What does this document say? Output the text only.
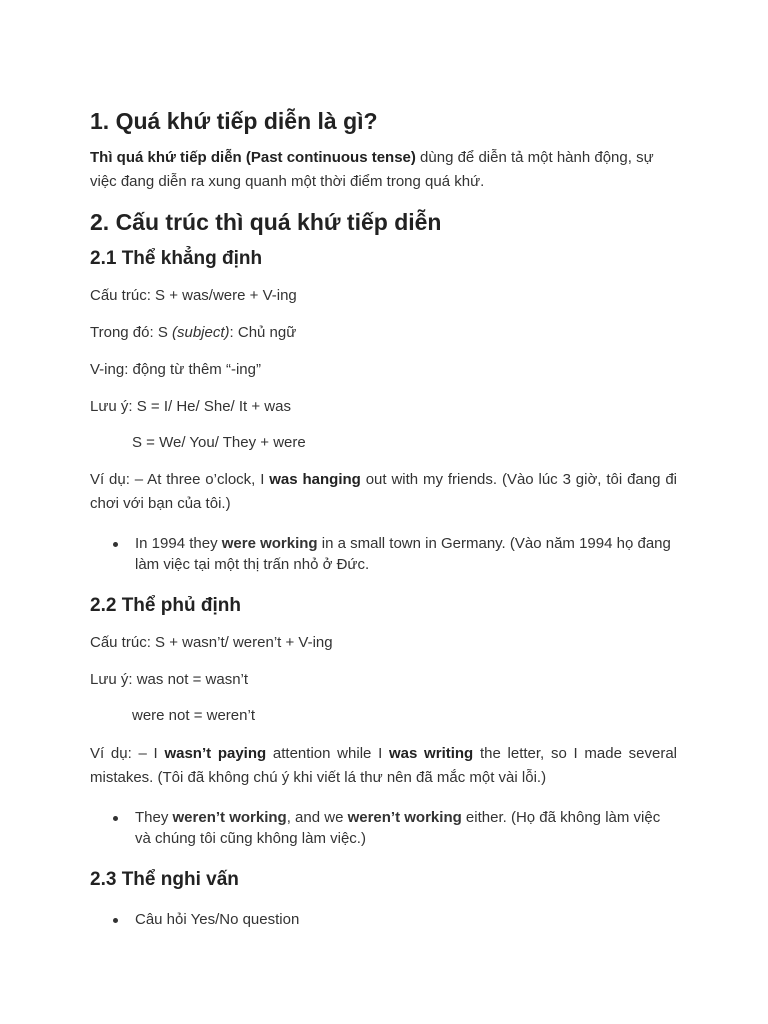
1. Quá khứ tiếp diễn là gì?

Thì quá khứ tiếp diễn (Past continuous tense) dùng để diễn tả một hành động, sự việc đang diễn ra xung quanh một thời điểm trong quá khứ.

2. Cấu trúc thì quá khứ tiếp diễn
2.1 Thể khẳng định

Cấu trúc: S + was/were + V-ing

Trong đó: S (subject): Chủ ngữ

V-ing: động từ thêm “-ing”

Lưu ý: S = I/ He/ She/ It + was

S = We/ You/ They + were

Ví dụ: – At three o’clock, I was hanging out with my friends. (Vào lúc 3 giờ, tôi đang đi chơi với bạn của tôi.)

In 1994 they were working in a small town in Germany. (Vào năm 1994 họ đang làm việc tại một thị trấn nhỏ ở Đức.
2.2 Thể phủ định

Cấu trúc: S + wasn’t/ weren’t + V-ing

Lưu ý: was not = wasn’t

were not = weren’t

Ví dụ: – I wasn’t paying attention while I was writing the letter, so I made several mistakes. (Tôi đã không chú ý khi viết lá thư nên đã mắc một vài lỗi.)

They weren’t working, and we weren’t working either. (Họ đã không làm việc và chúng tôi cũng không làm việc.)
2.3 Thể nghi vấn
Câu hỏi Yes/No question
